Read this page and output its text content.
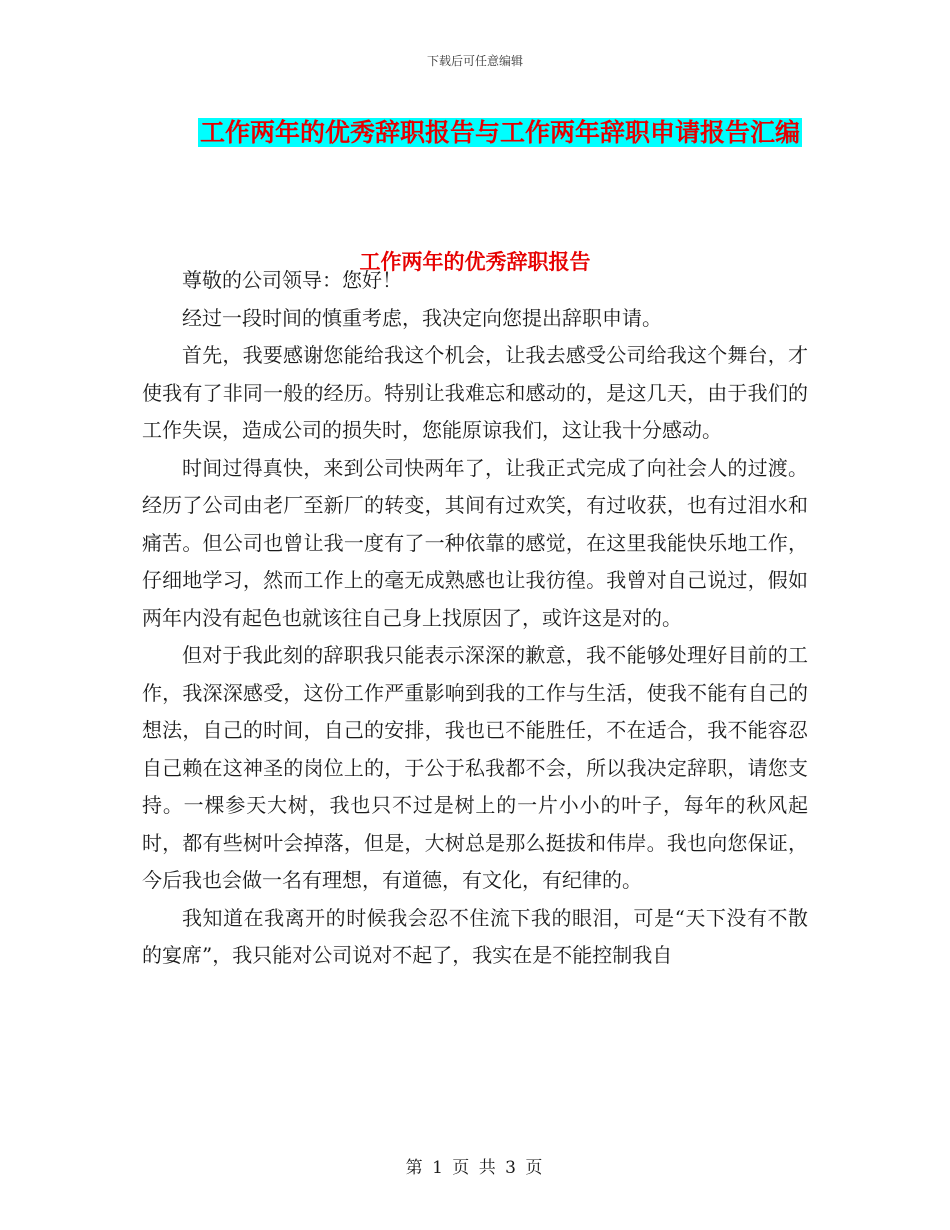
下载后可任意编辑
工作两年的优秀辞职报告与工作两年辞职申请报告汇编
工作两年的优秀辞职报告

尊敬的公司领导：您好！

经过一段时间的慎重考虑，我决定向您提出辞职申请。

首先，我要感谢您能给我这个机会，让我去感受公司给我这个舞台，才使我有了非同一般的经历。特别让我难忘和感动的，是这几天，由于我们的工作失误，造成公司的损失时，您能原谅我们，这让我十分感动。

时间过得真快，来到公司快两年了，让我正式完成了向社会人的过渡。经历了公司由老厂至新厂的转变，其间有过欢笑，有过收获，也有过泪水和痛苦。但公司也曾让我一度有了一种依靠的感觉，在这里我能快乐地工作，仔细地学习，然而工作上的毫无成熟感也让我彷徨。我曾对自己说过，假如两年内没有起色也就该往自己身上找原因了，或许这是对的。

但对于我此刻的辞职我只能表示深深的歉意，我不能够处理好目前的工作，我深深感受，这份工作严重影响到我的工作与生活，使我不能有自己的想法，自己的时间，自己的安排，我也已不能胜任，不在适合，我不能容忍自己赖在这神圣的岗位上的，于公于私我都不会，所以我决定辞职，请您支持。一棵参天大树，我也只不过是树上的一片小小的叶子，每年的秋风起时，都有些树叶会掉落，但是，大树总是那么挺拔和伟岸。我也向您保证，今后我也会做一名有理想，有道德，有文化，有纪律的。

我知道在我离开的时候我会忍不住流下我的眼泪，可是“天下没有不散的宴席”，我只能对公司说对不起了，我实在是不能控制我自

第 1 页 共 3 页
